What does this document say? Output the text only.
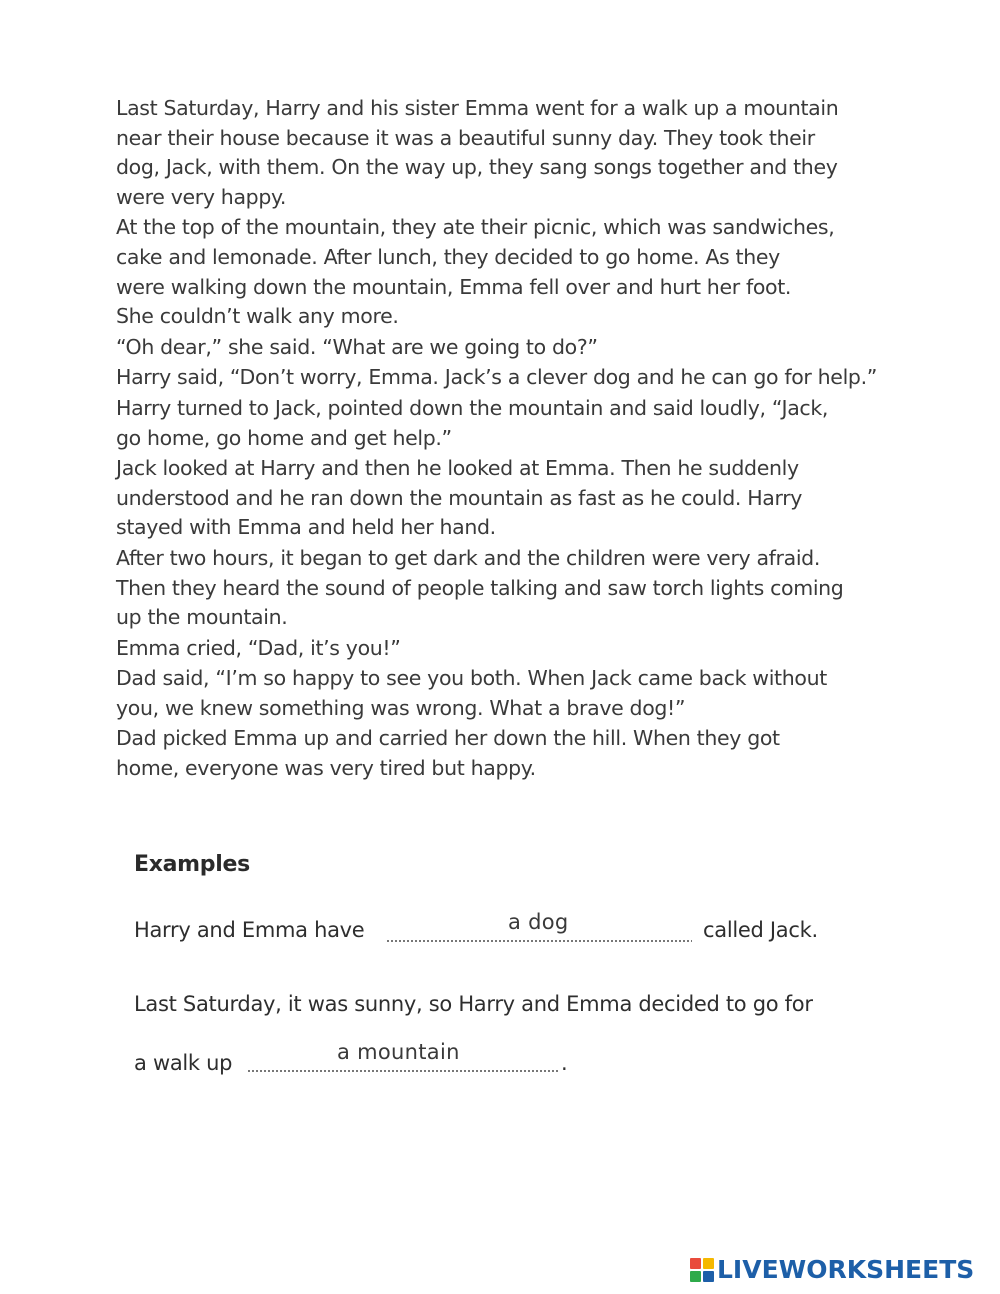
Last Saturday, Harry and his sister Emma went for a walk up a mountain
near their house because it was a beautiful sunny day. They took their
dog, Jack, with them. On the way up, they sang songs together and they
were very happy.

At the top of the mountain, they ate their picnic, which was sandwiches,
cake and lemonade. After lunch, they decided to go home. As they
were walking down the mountain, Emma fell over and hurt her foot.
She couldn’t walk any more.

“Oh dear,” she said. “What are we going to do?”

Harry said, “Don’t worry, Emma. Jack’s a clever dog and he can go for help.”

Harry turned to Jack, pointed down the mountain and said loudly, “Jack,
go home, go home and get help.”

Jack looked at Harry and then he looked at Emma. Then he suddenly
understood and he ran down the mountain as fast as he could. Harry
stayed with Emma and held her hand.

After two hours, it began to get dark and the children were very afraid.
Then they heard the sound of people talking and saw torch lights coming
up the mountain.

Emma cried, “Dad, it’s you!”

Dad said, “I’m so happy to see you both. When Jack came back without
you, we knew something was wrong. What a brave dog!”

Dad picked Emma up and carried her down the hill. When they got
home, everyone was very tired but happy.

Examples
Harry and Emma have	a dog	called Jack.
Last Saturday, it was sunny, so Harry and Emma decided to go for
a walk up	a mountain	.
LIVEWORKSHEETS
